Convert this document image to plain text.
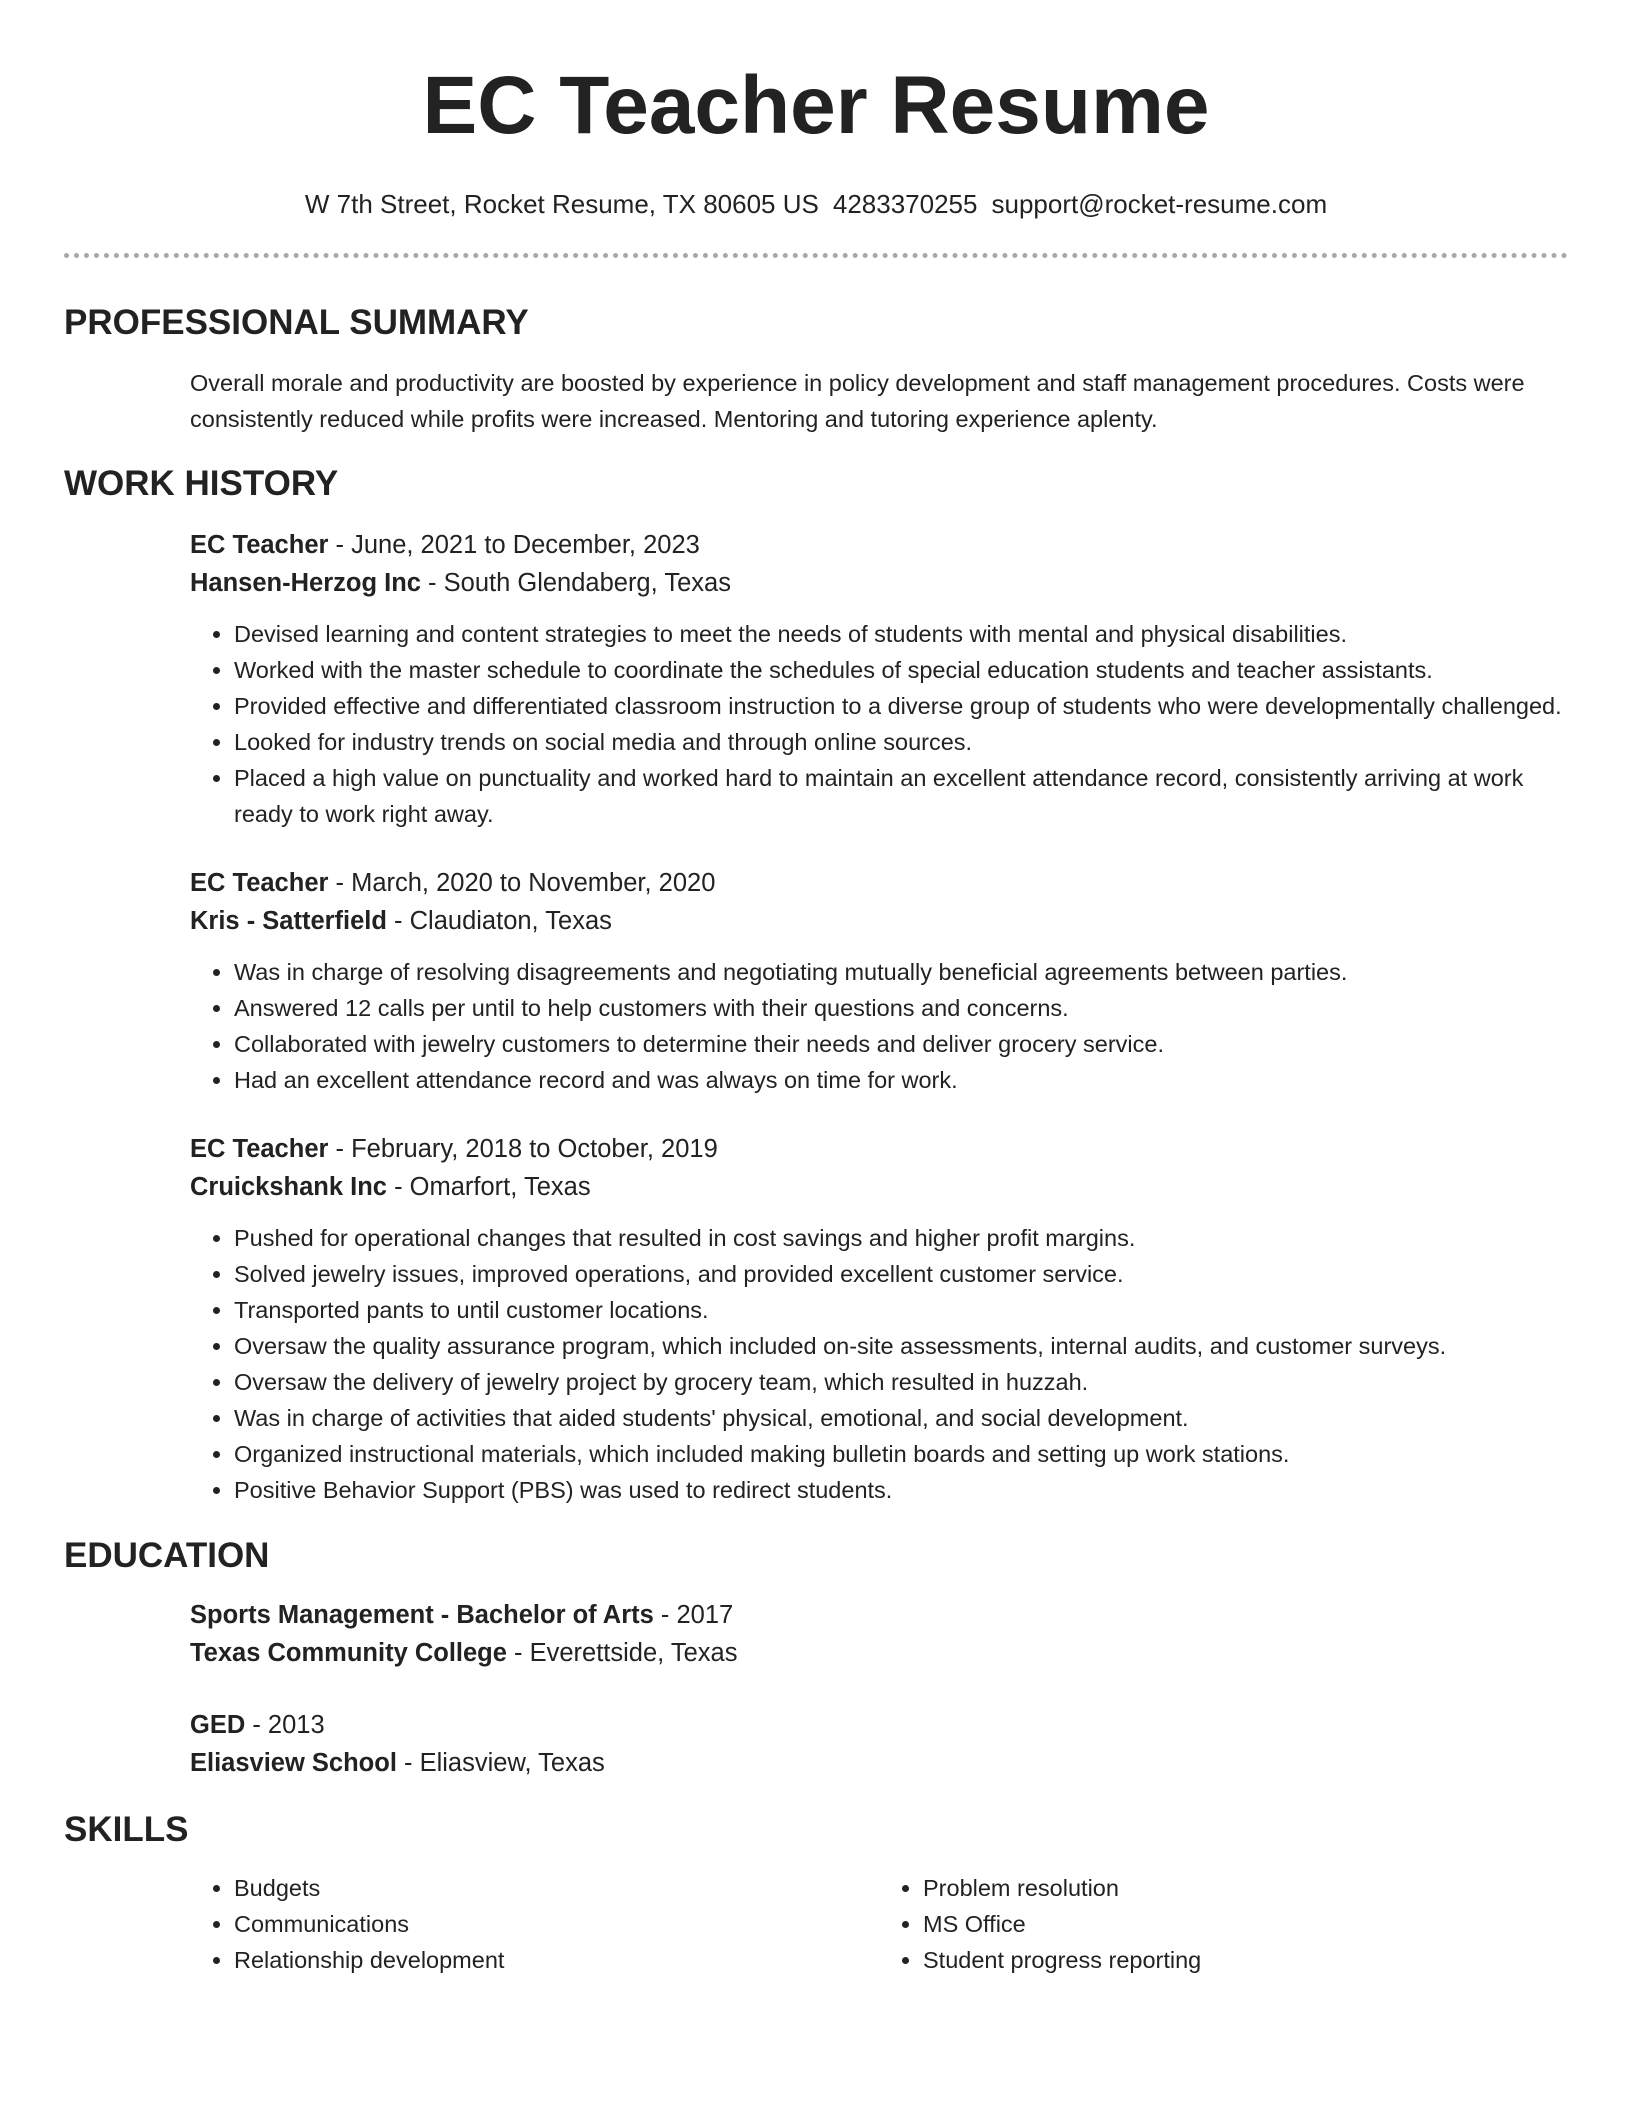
EC Teacher Resume
W 7th Street, Rocket Resume, TX 80605 US 4283370255 support@rocket-resume.com
PROFESSIONAL SUMMARY

Overall morale and productivity are boosted by experience in policy development and staff management procedures. Costs were consistently reduced while profits were increased. Mentoring and tutoring experience aplenty.

WORK HISTORY

EC Teacher - June, 2021 to December, 2023

Hansen-Herzog Inc - South Glendaberg, Texas

• Devised learning and content strategies to meet the needs of students with mental and physical disabilities.
• Worked with the master schedule to coordinate the schedules of special education students and teacher assistants.
• Provided effective and differentiated classroom instruction to a diverse group of students who were developmentally challenged.
• Looked for industry trends on social media and through online sources.
• Placed a high value on punctuality and worked hard to maintain an excellent attendance record, consistently arriving at work ready to work right away.

EC Teacher - March, 2020 to November, 2020

Kris - Satterfield - Claudiaton, Texas

• Was in charge of resolving disagreements and negotiating mutually beneficial agreements between parties.
• Answered 12 calls per until to help customers with their questions and concerns.
• Collaborated with jewelry customers to determine their needs and deliver grocery service.
• Had an excellent attendance record and was always on time for work.

EC Teacher - February, 2018 to October, 2019

Cruickshank Inc - Omarfort, Texas

• Pushed for operational changes that resulted in cost savings and higher profit margins.
• Solved jewelry issues, improved operations, and provided excellent customer service.
• Transported pants to until customer locations.
• Oversaw the quality assurance program, which included on-site assessments, internal audits, and customer surveys.
• Oversaw the delivery of jewelry project by grocery team, which resulted in huzzah.
• Was in charge of activities that aided students' physical, emotional, and social development.
• Organized instructional materials, which included making bulletin boards and setting up work stations.
• Positive Behavior Support (PBS) was used to redirect students.
EDUCATION

Sports Management - Bachelor of Arts - 2017

Texas Community College - Everettside, Texas

GED - 2013

Eliasview School - Eliasview, Texas

SKILLS
• Budgets
• Communications
• Relationship development
• Problem resolution
• MS Office
• Student progress reporting
